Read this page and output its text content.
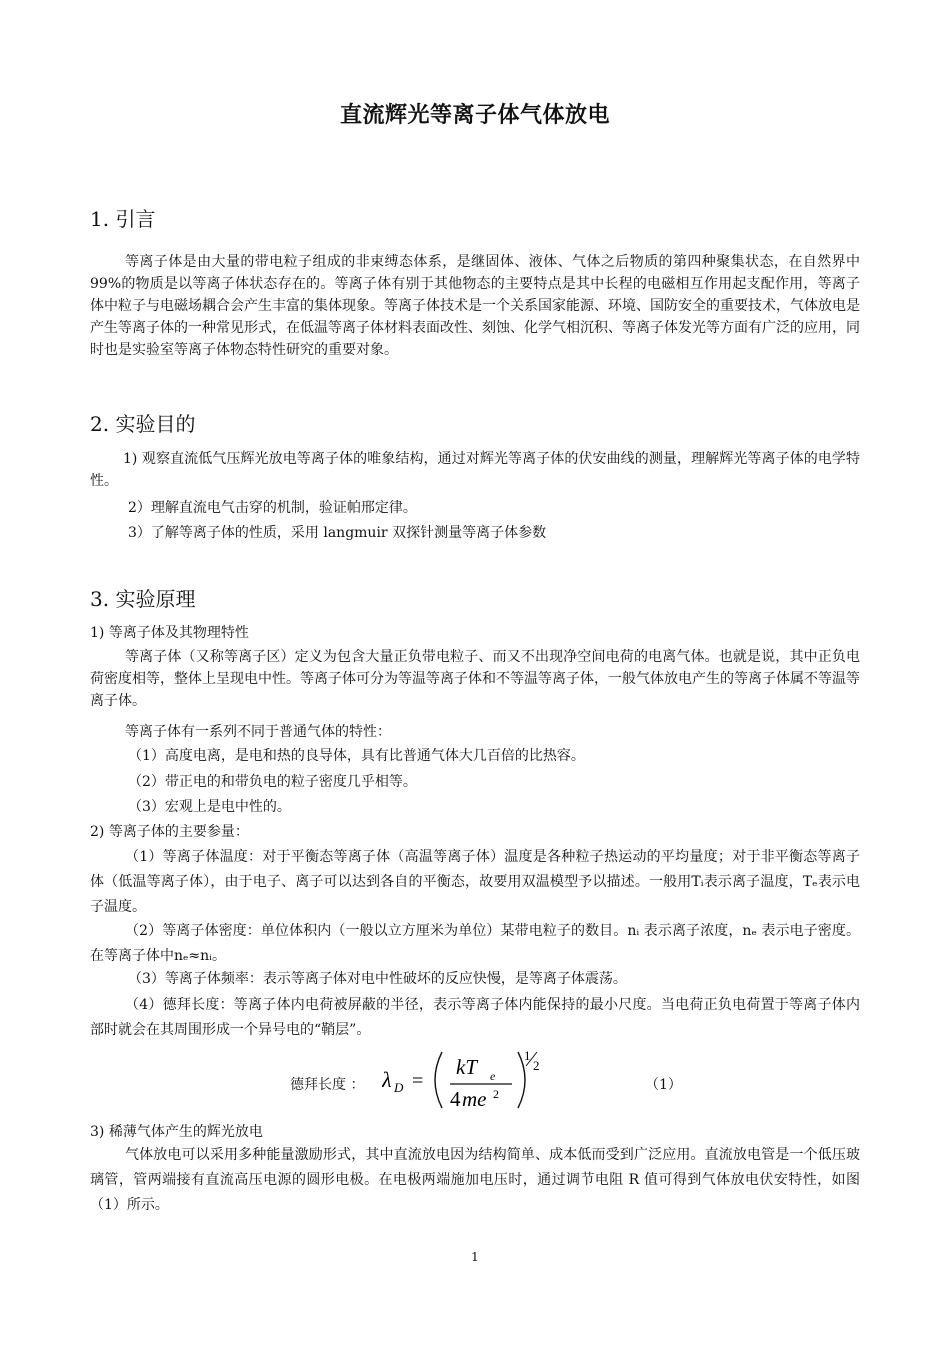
直流辉光等离子体气体放电
1. 引言

等离子体是由大量的带电粒子组成的非束缚态体系，是继固体、液体、气体之后物质的第四种聚集状态，在自然界中 99%的物质是以等离子体状态存在的。等离子体有别于其他物态的主要特点是其中长程的电磁相互作用起支配作用，等离子体中粒子与电磁场耦合会产生丰富的集体现象。等离子体技术是一个关系国家能源、环境、国防安全的重要技术，气体放电是产生等离子体的一种常见形式，在低温等离子体材料表面改性、刻蚀、化学气相沉积、等离子体发光等方面有广泛的应用，同时也是实验室等离子体物态特性研究的重要对象。

2. 实验目的

1) 观察直流低气压辉光放电等离子体的唯象结构，通过对辉光等离子体的伏安曲线的测量，理解辉光等离子体的电学特性。

2）理解直流电气击穿的机制，验证帕邢定律。

3）了解等离子体的性质，采用 langmuir 双探针测量等离子体参数

3. 实验原理

1) 等离子体及其物理特性

等离子体（又称等离子区）定义为包含大量正负带电粒子、而又不出现净空间电荷的电离气体。也就是说，其中正负电荷密度相等，整体上呈现电中性。等离子体可分为等温等离子体和不等温等离子体，一般气体放电产生的等离子体属不等温等离子体。

等离子体有一系列不同于普通气体的特性：

（1）高度电离，是电和热的良导体，具有比普通气体大几百倍的比热容。

（2）带正电的和带负电的粒子密度几乎相等。

（3）宏观上是电中性的。

2) 等离子体的主要参量：

（1）等离子体温度：对于平衡态等离子体（高温等离子体）温度是各种粒子热运动的平均量度；对于非平衡态等离子体（低温等离子体），由于电子、离子可以达到各自的平衡态，故要用双温模型予以描述。一般用Tᵢ表示离子温度，Tₑ表示电子温度。

（2）等离子体密度：单位体积内（一般以立方厘米为单位）某带电粒子的数目。nᵢ 表示离子浓度，nₑ 表示电子密度。在等离子体中nₑ≈nᵢ。

（3）等离子体频率：表示等离子体对电中性破坏的反应快慢，是等离子体震荡。

（4）德拜长度：等离子体内电荷被屏蔽的半径，表示等离子体内能保持的最小尺度。当电荷正负电荷置于等离子体内部时就会在其周围形成一个异号电的“鞘层”。

德拜长度 ： λ D =
kT e
4 me 2
1
2
（1）

3) 稀薄气体产生的辉光放电

气体放电可以采用多种能量激励形式，其中直流放电因为结构简单、成本低而受到广泛应用。直流放电管是一个低压玻璃管，管两端接有直流高压电源的圆形电极。在电极两端施加电压时，通过调节电阻 R 值可得到气体放电伏安特性，如图（1）所示。

1
